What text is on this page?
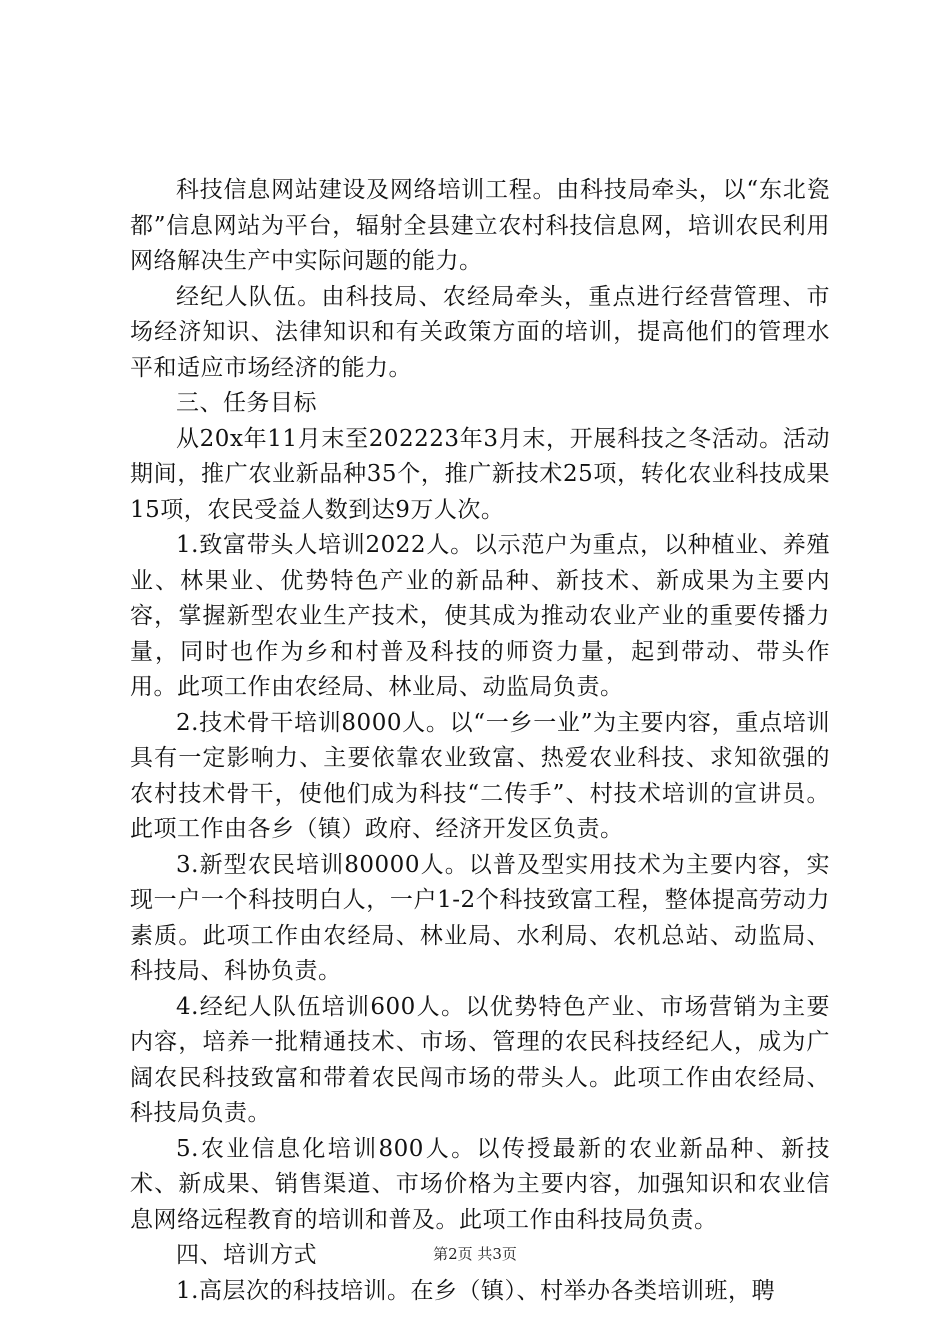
科技信息网站建设及网络培训工程。由科技局牵头，以“东北瓷都”信息网站为平台，辐射全县建立农村科技信息网，培训农民利用网络解决生产中实际问题的能力。

经纪人队伍。由科技局、农经局牵头，重点进行经营管理、市场经济知识、法律知识和有关政策方面的培训，提高他们的管理水平和适应市场经济的能力。

三、任务目标

从20x年11月末至202223年3月末，开展科技之冬活动。活动期间，推广农业新品种35个，推广新技术25项，转化农业科技成果15项，农民受益人数到达9万人次。

1.致富带头人培训2022人。以示范户为重点，以种植业、养殖业、林果业、优势特色产业的新品种、新技术、新成果为主要内容，掌握新型农业生产技术，使其成为推动农业产业的重要传播力量，同时也作为乡和村普及科技的师资力量，起到带动、带头作用。此项工作由农经局、林业局、动监局负责。

2.技术骨干培训8000人。以“一乡一业”为主要内容，重点培训具有一定影响力、主要依靠农业致富、热爱农业科技、求知欲强的农村技术骨干，使他们成为科技“二传手”、村技术培训的宣讲员。此项工作由各乡（镇）政府、经济开发区负责。

3.新型农民培训80000人。以普及型实用技术为主要内容，实现一户一个科技明白人，一户1-2个科技致富工程，整体提高劳动力素质。此项工作由农经局、林业局、水利局、农机总站、动监局、科技局、科协负责。

4.经纪人队伍培训600人。以优势特色产业、市场营销为主要内容，培养一批精通技术、市场、管理的农民科技经纪人，成为广阔农民科技致富和带着农民闯市场的带头人。此项工作由农经局、科技局负责。

5.农业信息化培训800人。以传授最新的农业新品种、新技术、新成果、销售渠道、市场价格为主要内容，加强知识和农业信息网络远程教育的培训和普及。此项工作由科技局负责。

四、培训方式

1.高层次的科技培训。在乡（镇）、村举办各类培训班，聘

第2页 共3页
